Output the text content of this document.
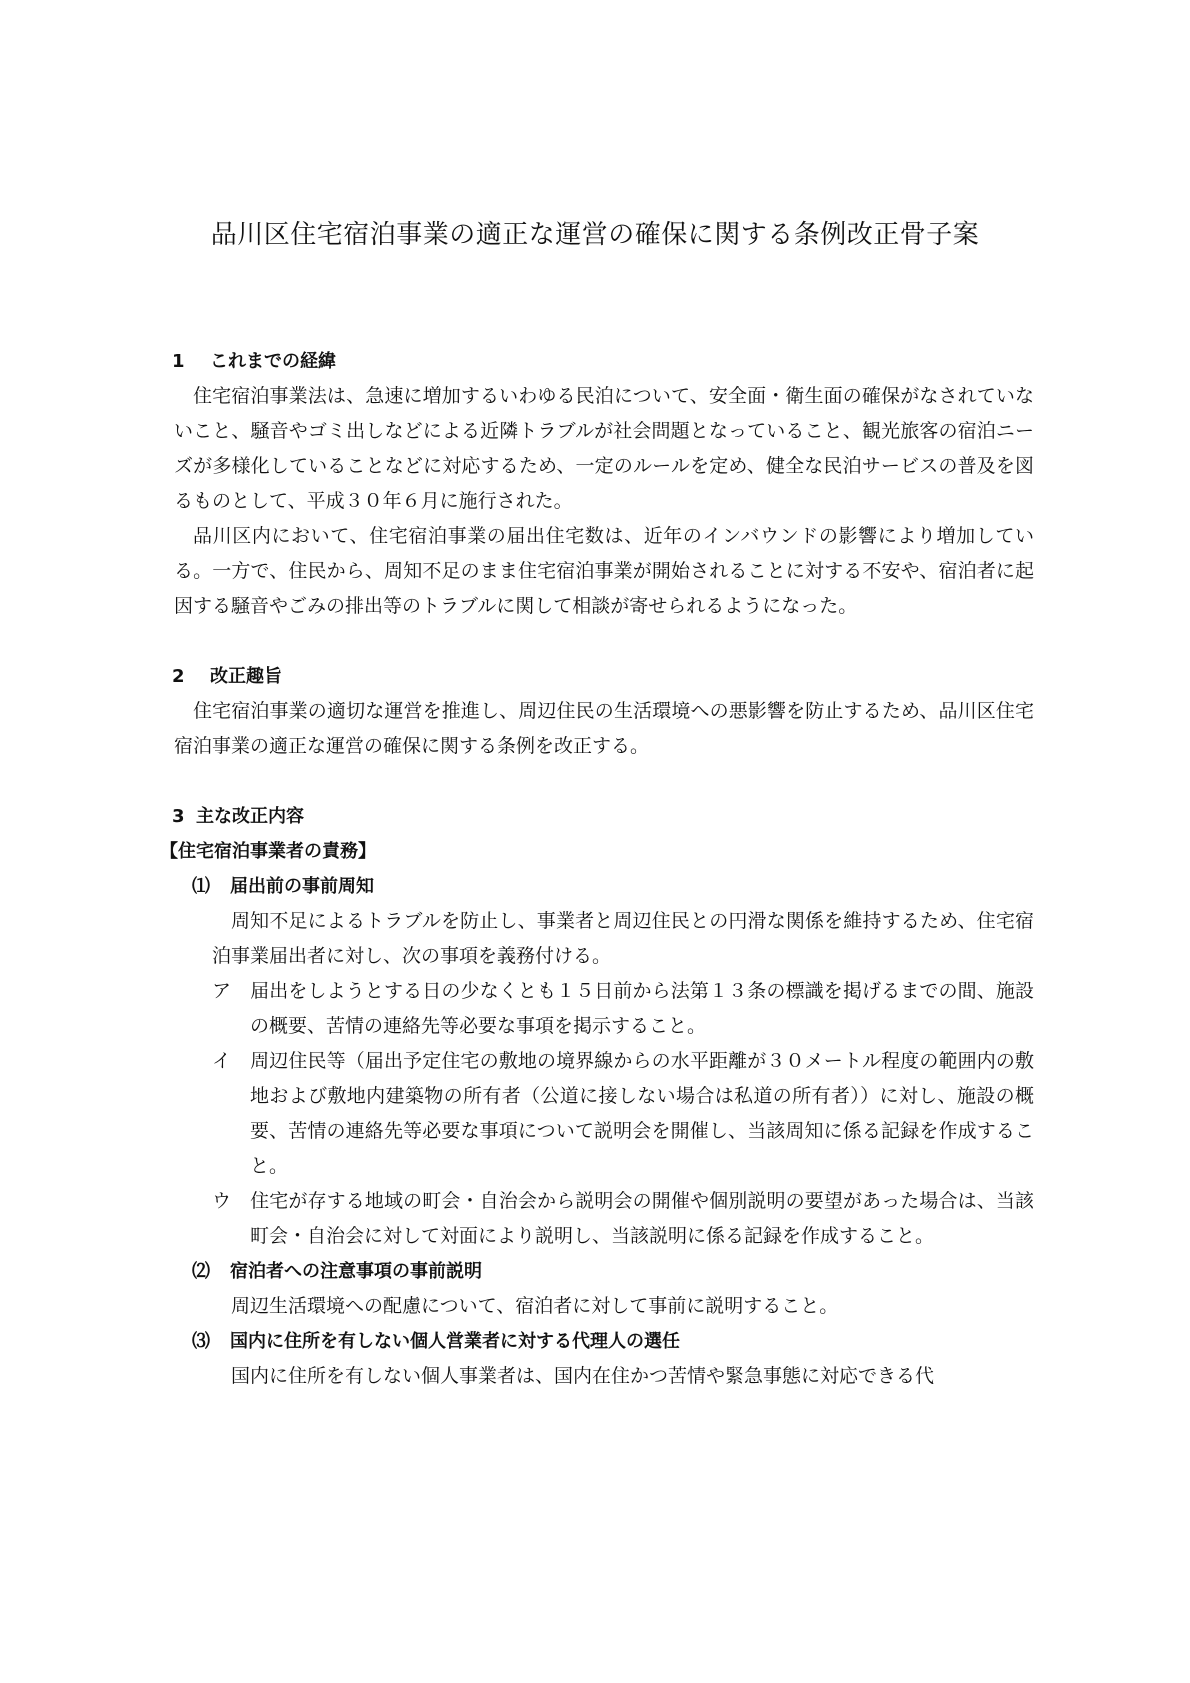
品川区住宅宿泊事業の適正な運営の確保に関する条例改正骨子案
1 これまでの経緯

住宅宿泊事業法は、急速に増加するいわゆる民泊について、安全面・衛生面の確保がなされていないこと、騒音やゴミ出しなどによる近隣トラブルが社会問題となっていること、観光旅客の宿泊ニーズが多様化していることなどに対応するため、一定のルールを定め、健全な民泊サービスの普及を図るものとして、平成３０年６月に施行された。

品川区内において、住宅宿泊事業の届出住宅数は、近年のインバウンドの影響により増加している。一方で、住民から、周知不足のまま住宅宿泊事業が開始されることに対する不安や、宿泊者に起因する騒音やごみの排出等のトラブルに関して相談が寄せられるようになった。

2 改正趣旨

住宅宿泊事業の適切な運営を推進し、周辺住民の生活環境への悪影響を防止するため、品川区住宅宿泊事業の適正な運営の確保に関する条例を改正する。

3 主な改正内容
【住宅宿泊事業者の責務】
⑴ 届出前の事前周知

周知不足によるトラブルを防止し、事業者と周辺住民との円滑な関係を維持するため、住宅宿泊事業届出者に対し、次の事項を義務付ける。

ア 届出をしようとする日の少なくとも１５日前から法第１３条の標識を掲げるまでの間、施設の概要、苦情の連絡先等必要な事項を掲示すること。

イ 周辺住民等（届出予定住宅の敷地の境界線からの水平距離が３０メートル程度の範囲内の敷地および敷地内建築物の所有者（公道に接しない場合は私道の所有者））に対し、施設の概要、苦情の連絡先等必要な事項について説明会を開催し、当該周知に係る記録を作成すること。

ウ 住宅が存する地域の町会・自治会から説明会の開催や個別説明の要望があった場合は、当該町会・自治会に対して対面により説明し、当該説明に係る記録を作成すること。

⑵ 宿泊者への注意事項の事前説明

周辺生活環境への配慮について、宿泊者に対して事前に説明すること。

⑶ 国内に住所を有しない個人営業者に対する代理人の選任

国内に住所を有しない個人事業者は、国内在住かつ苦情や緊急事態に対応できる代
